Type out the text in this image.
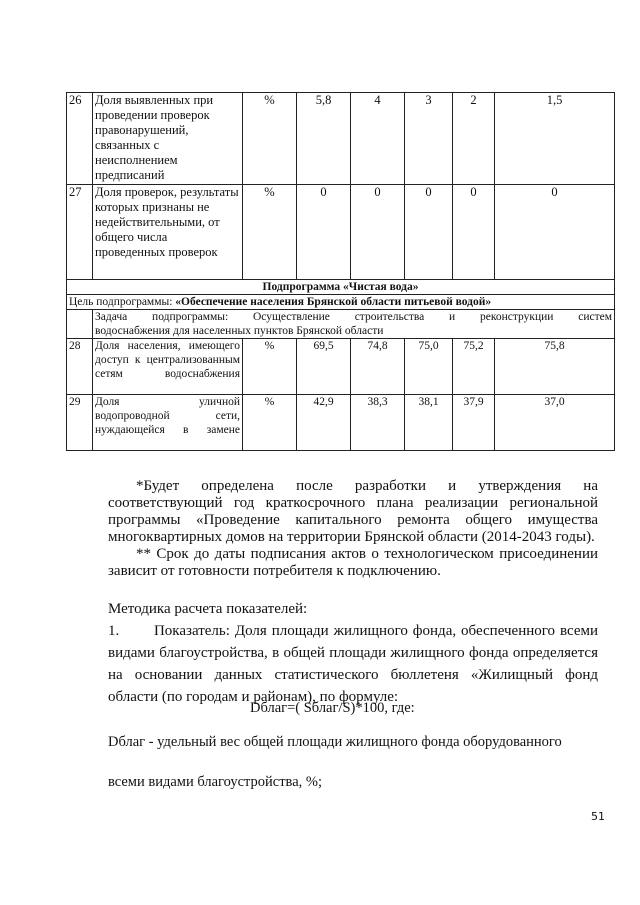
26	Доля выявленных при проведении проверок правонарушений, связанных с неисполнением предписаний	%	5,8	4	3	2	1,5
27	Доля проверок, результаты которых признаны не недействительными, от общего числа проведенных проверок	%	0	0	0	0	0
Подпрограмма «Чистая вода»							
Цель подпрограммы: «Обеспечение населения Брянской области питьевой водой»							

	Задача подпрограммы: Осуществление строительства и реконструкции систем
водоснабжения для населенных пунктов Брянской области						
28	Доля населения, имеющего доступ к централизованным сетям водоснабжения	%	69,5	74,8	75,0	75,2	75,8
29	Доля уличной водопроводной сети, нуждающейся в замене	%	42,9	38,3	38,1	37,9	37,0

*Будет определена после разработки и утверждения на соответствующий год краткосрочного плана реализации региональной программы «Проведение капитального ремонта общего имущества многоквартирных домов на территории Брянской области (2014-2043 годы).

** Срок до даты подписания актов о технологическом присоединении зависит от готовности потребителя к подключению.

Методика расчета показателей:

1.       Показатель: Доля площади жилищного фонда, обеспеченного всеми видами благоустройства, в общей площади жилищного фонда определяется на основании данных статистического бюллетеня «Жилищный фонд области (по городам и районам), по формуле:

Dблаг=( Sблаг/S)*100, где:
Dблаг - удельный вес общей площади жилищного фонда оборудованного
всеми видами благоустройства, %;
51
